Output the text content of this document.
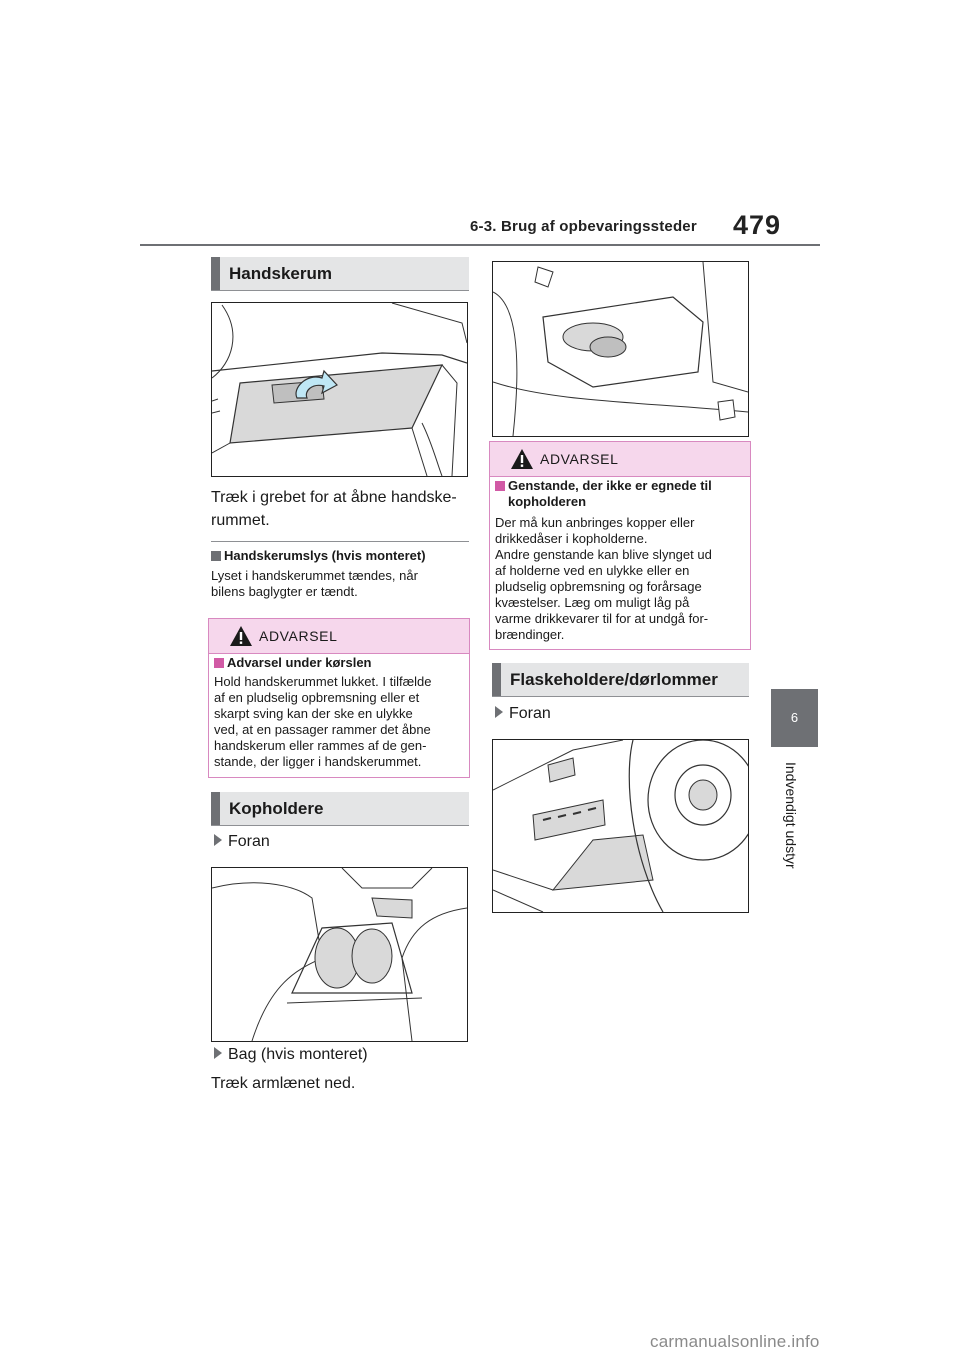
6-3. Brug af opbevaringssteder 479
6
Indvendigt udstyr
Handskerum
Træk i grebet for at åbne handske-
rummet.
Handskerumslys (hvis monteret)
Lyset i handskerummet tændes, når
bilens baglygter er tændt.
ADVARSEL
Advarsel under kørslen
Hold handskerummet lukket. I tilfælde
af en pludselig opbremsning eller et
skarpt sving kan der ske en ulykke
ved, at en passager rammer det åbne
handskerum eller rammes af de gen-
stande, der ligger i handskerummet.
Kopholdere
Foran
Bag (hvis monteret)
Træk armlænet ned.
ADVARSEL
Genstande, der ikke er egnede til
kopholderen
Der må kun anbringes kopper eller
drikkedåser i kopholderne.
Andre genstande kan blive slynget ud
af holderne ved en ulykke eller en
pludselig opbremsning og forårsage
kvæstelser. Læg om muligt låg på
varme drikkevarer til for at undgå for-
brændinger.
Flaskeholdere/dørlommer
Foran
carmanualsonline.info
